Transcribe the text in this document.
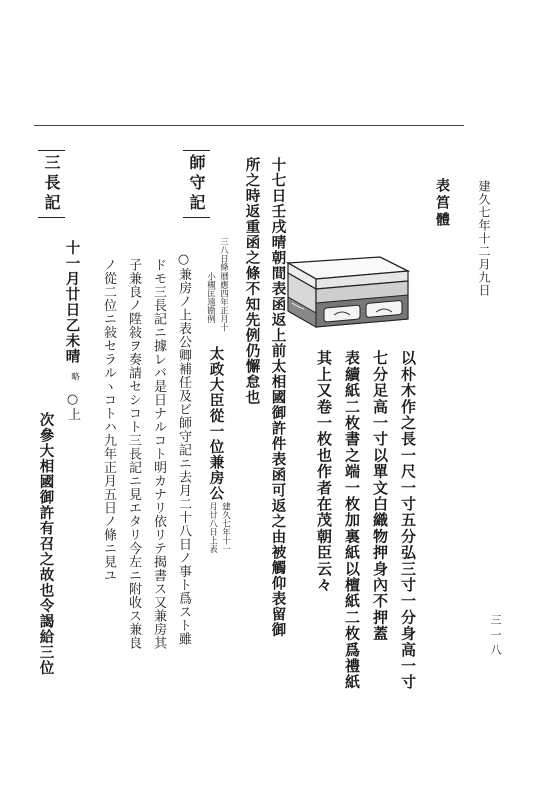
建久七年十二月九日
三一八
表筥體
以朴木作之長一尺一寸五分弘三寸一分身高一寸
七分足高一寸以單文白織物押身內不押蓋
表續紙二枚書之端一枚加裏紙以檀紙二枚爲禮紙
其上又卷一枚也作者在茂朝臣云々
十七日壬戌晴朝間表函返上前太相國御許件表函可返之由被觸仰表留御
所之時返重函之條不知先例仍懈怠也
師守記
三八日條
曆應四年正月十
小槻匡遠勘例
太政大臣從一位兼房公
建久七年十一
月廿八日上表
○兼房ノ上表公卿補任及ビ師守記ニ去月二十八日ノ事ト爲スト雖
ドモ三長記ニ據レバ是日ナルコト明カナリ依リテ揭書ス又兼房其
子兼良ノ陞敍ヲ奏請セシコト三長記ニ見エタリ今左ニ附收ス兼良
ノ從二位ニ敍セラルヽコトハ九年正月五日ノ條ニ見ユ
三長記
十一月廿日乙未晴
略
○上
次參大相國御許有召之故也令謁給三位
